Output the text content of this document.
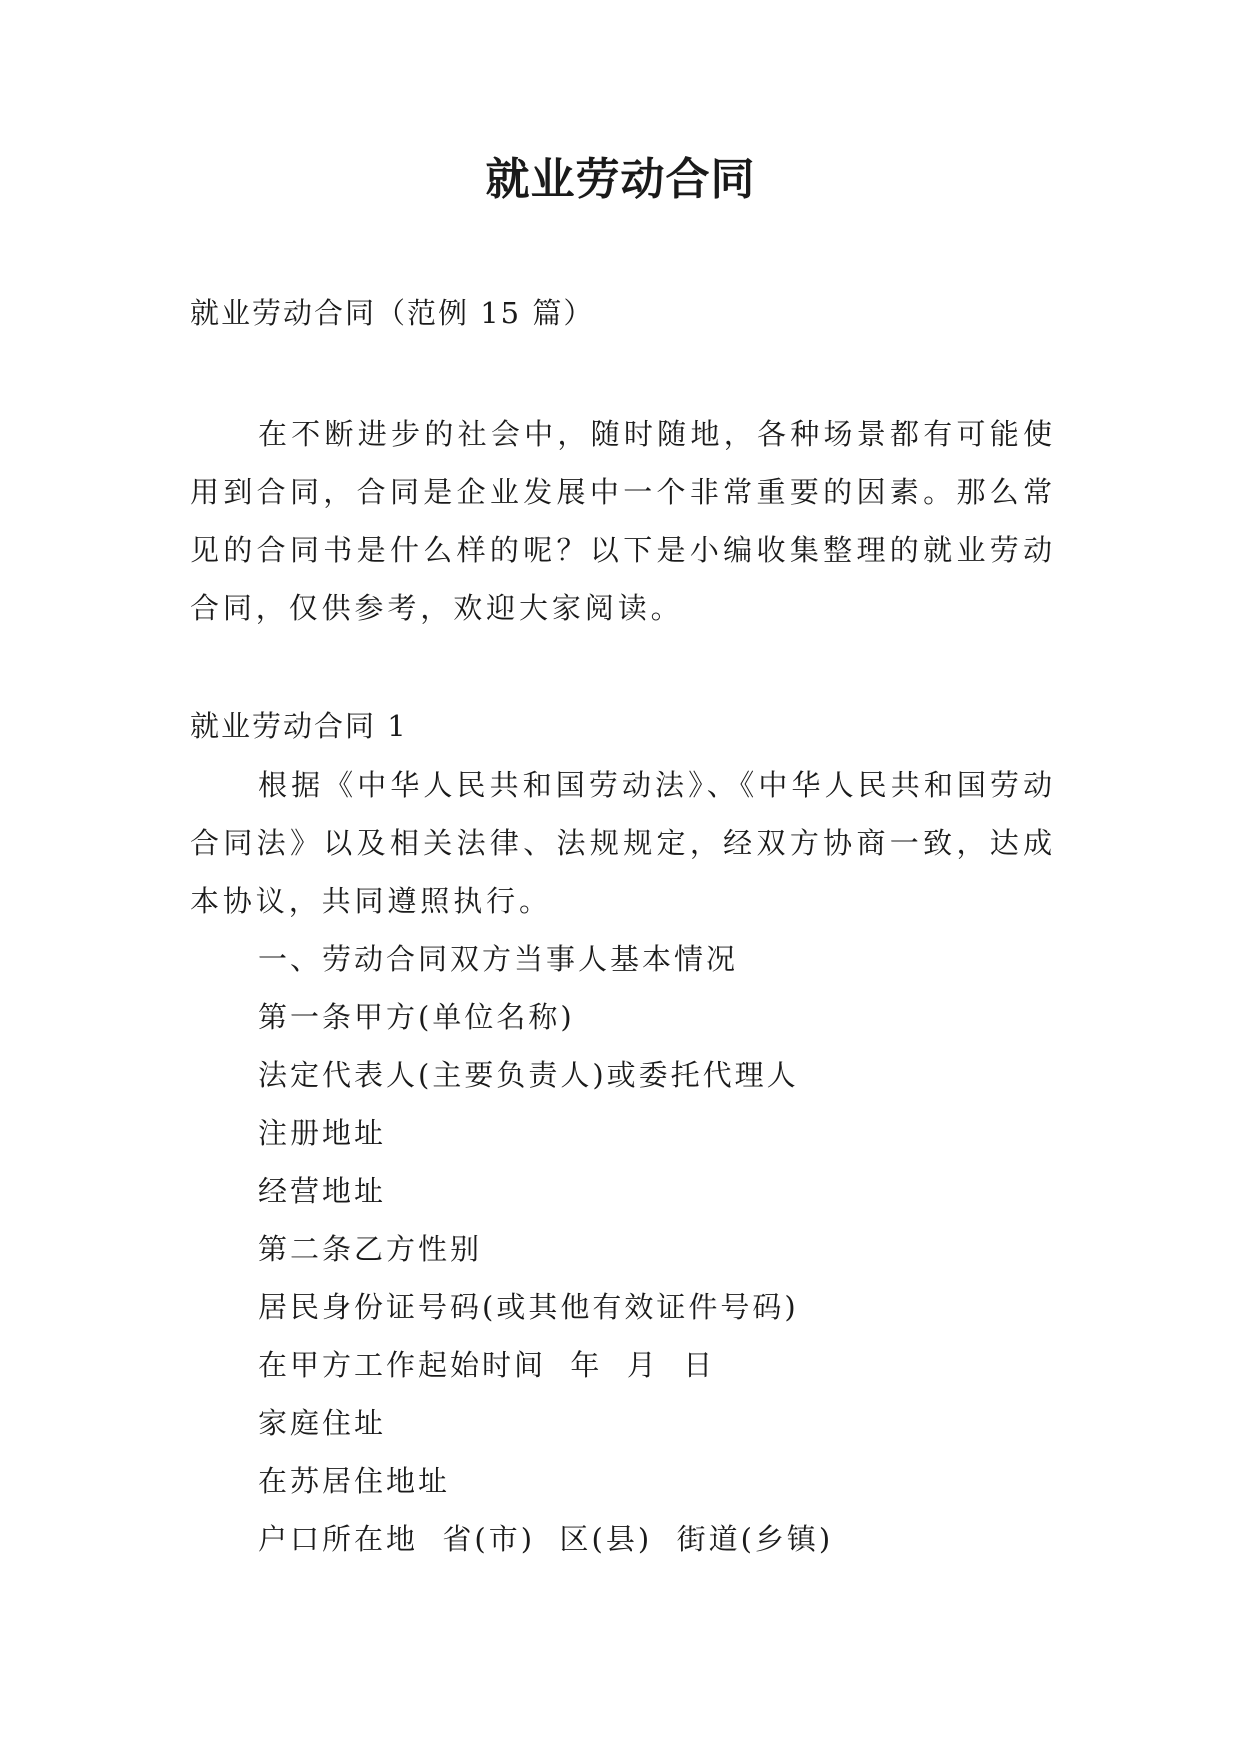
就业劳动合同
就业劳动合同（范例 15 篇）

在不断进步的社会中，随时随地，各种场景都有可能使用到合同，合同是企业发展中一个非常重要的因素。那么常见的合同书是什么样的呢？以下是小编收集整理的就业劳动合同，仅供参考，欢迎大家阅读。

就业劳动合同 1

根据《中华人民共和国劳动法》、《中华人民共和国劳动合同法》以及相关法律、法规规定，经双方协商一致，达成本协议，共同遵照执行。

一、劳动合同双方当事人基本情况
第一条甲方(单位名称)
法定代表人(主要负责人)或委托代理人
注册地址
经营地址
第二条乙方性别
居民身份证号码(或其他有效证件号码)
在甲方工作起始时间  年  月  日
家庭住址
在苏居住地址
户口所在地  省(市)  区(县)  街道(乡镇)
